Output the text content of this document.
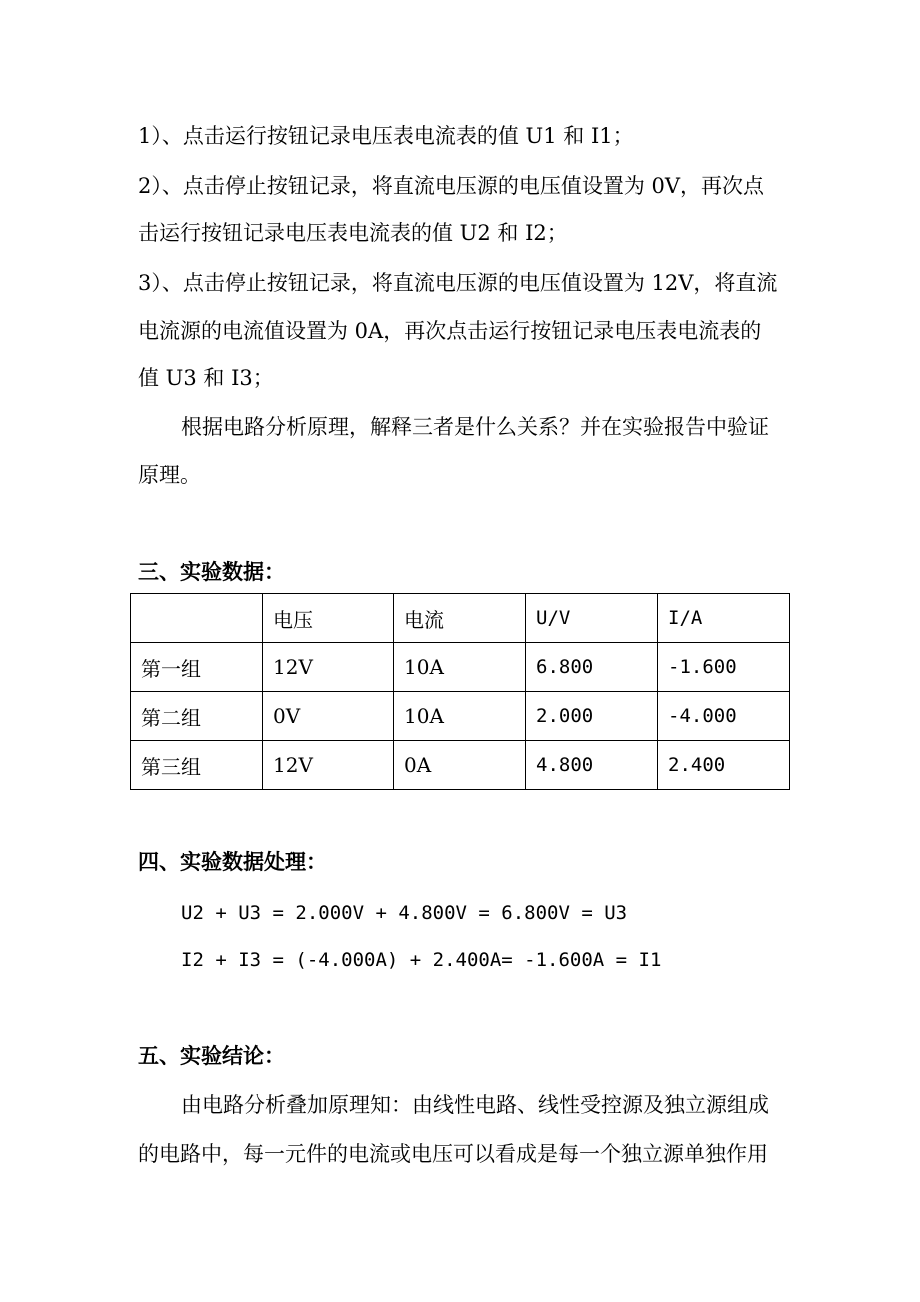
1）、点击运行按钮记录电压表电流表的值 U1 和 I1；
2）、点击停止按钮记录，将直流电压源的电压值设置为 0V，再次点
击运行按钮记录电压表电流表的值 U2 和 I2；
3）、点击停止按钮记录，将直流电压源的电压值设置为 12V，将直流
电流源的电流值设置为 0A，再次点击运行按钮记录电压表电流表的
值 U3 和 I3；
根据电路分析原理，解释三者是什么关系？并在实验报告中验证
原理。
三、实验数据：
	电压	电流	U/V	I/A
第一组	12V	10A	6.800	-1.600
第二组	0V	10A	2.000	-4.000
第三组	12V	0A	4.800	2.400
四、实验数据处理：
U2 + U3 = 2.000V + 4.800V = 6.800V = U3
I2 + I3 = (-4.000A) + 2.400A= -1.600A = I1
五、实验结论：
由电路分析叠加原理知：由线性电路、线性受控源及独立源组成
的电路中，每一元件的电流或电压可以看成是每一个独立源单独作用
